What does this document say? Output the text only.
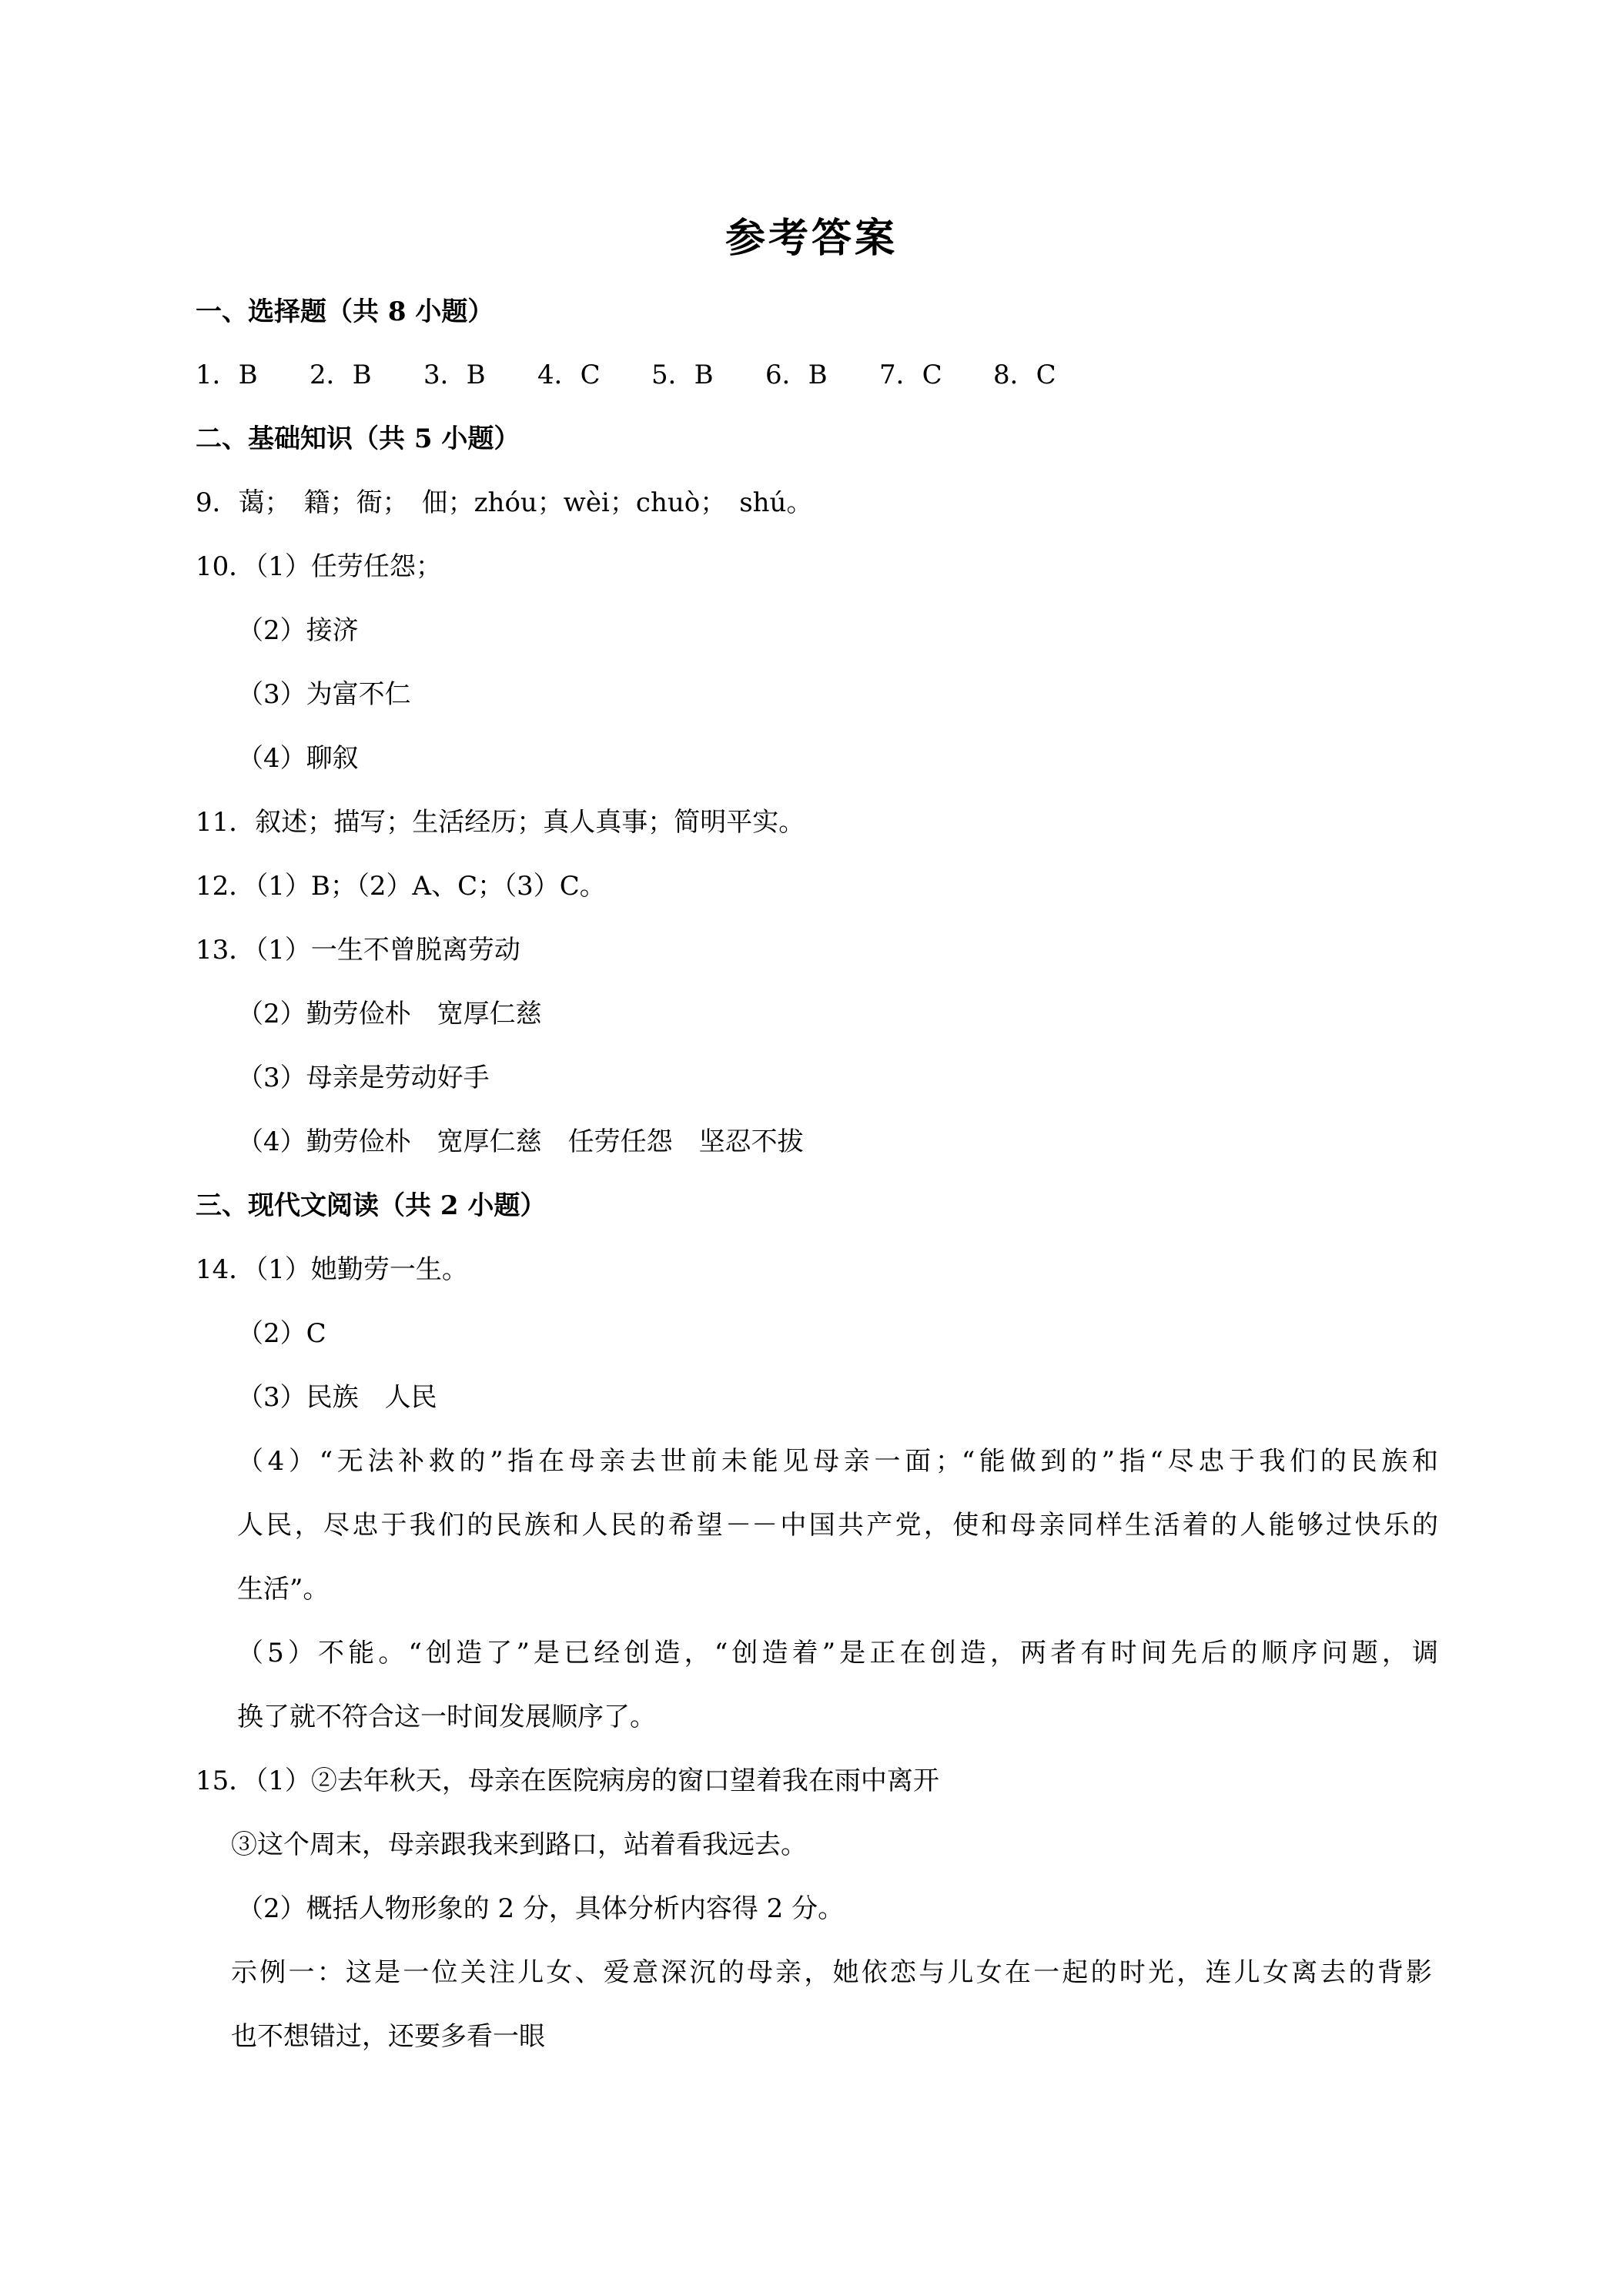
参考答案
一、选择题（共 8 小题）
1．B	2．B	3．B	4．C	5．B	6．B	7．C	8．C
二、基础知识（共 5 小题）
9．蔼；　籍；衙；　佃；zhóu；wèi；chuò；　shú。
10．（1）任劳任怨；
（2）接济
（3）为富不仁
（4）聊叙
11．叙述；描写；生活经历；真人真事；简明平实。
12．（1）B；（2）A、C；（3）C。
13．（1）一生不曾脱离劳动
（2）勤劳俭朴　宽厚仁慈
（3）母亲是劳动好手
（4）勤劳俭朴　宽厚仁慈　任劳任怨　坚忍不拔
三、现代文阅读（共 2 小题）
14．（1）她勤劳一生。
（2）C
（3）民族　人民
（4）“无法补救的”指在母亲去世前未能见母亲一面；“能做到的”指“尽忠于我们的民族和
人民，尽忠于我们的民族和人民的希望－－中国共产党，使和母亲同样生活着的人能够过快乐的
生活”。
（5）不能。“创造了”是已经创造，“创造着”是正在创造，两者有时间先后的顺序问题，调
换了就不符合这一时间发展顺序了。
15．（1）②去年秋天，母亲在医院病房的窗口望着我在雨中离开
③这个周末，母亲跟我来到路口，站着看我远去。
（2）概括人物形象的 2 分，具体分析内容得 2 分。
示例一：这是一位关注儿女、爱意深沉的母亲，她依恋与儿女在一起的时光，连儿女离去的背影
也不想错过，还要多看一眼
